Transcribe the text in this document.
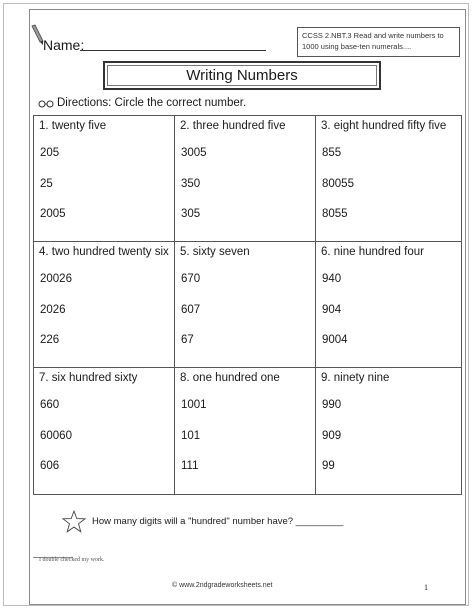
Name:
CCSS 2.NBT.3 Read and write numbers to 1000 using base-ten numerals....
Writing Numbers
Directions: Circle the correct number.
1. twenty five
205
25
2005
2. three hundred five
3005
350
305
3. eight hundred fifty five
855
80055
8055
4. two hundred twenty six
20026
2026
226
5. sixty seven
670
607
67
6. nine hundred four
940
904
9004
7. six hundred sixty
660
60060
606
8. one hundred one
1001
101
111
9. ninety nine
990
909
99
How many digits will a "hundred" number have? _________
I double checked my work.
© www.2ndgradeworksheets.net	1
